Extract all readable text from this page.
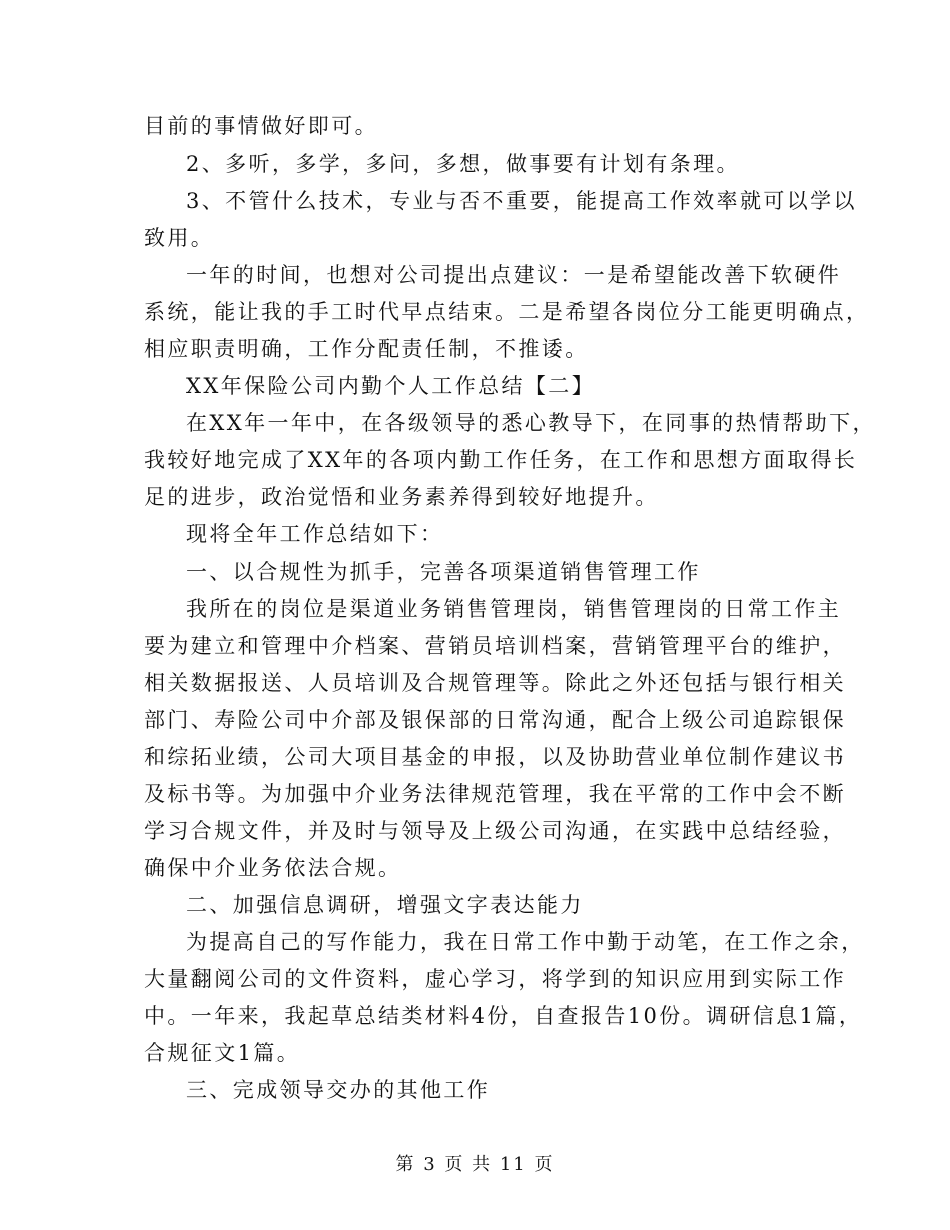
目前的事情做好即可。
2、多听，多学，多问，多想，做事要有计划有条理。
3、不管什么技术，专业与否不重要，能提高工作效率就可以学以
致用。
一年的时间，也想对公司提出点建议：一是希望能改善下软硬件
系统，能让我的手工时代早点结束。二是希望各岗位分工能更明确点，
相应职责明确，工作分配责任制，不推诿。
XX年保险公司内勤个人工作总结【二】
在XX年一年中，在各级领导的悉心教导下，在同事的热情帮助下，
我较好地完成了XX年的各项内勤工作任务，在工作和思想方面取得长
足的进步，政治觉悟和业务素养得到较好地提升。
现将全年工作总结如下：
一、以合规性为抓手，完善各项渠道销售管理工作
我所在的岗位是渠道业务销售管理岗，销售管理岗的日常工作主
要为建立和管理中介档案、营销员培训档案，营销管理平台的维护，
相关数据报送、人员培训及合规管理等。除此之外还包括与银行相关
部门、寿险公司中介部及银保部的日常沟通，配合上级公司追踪银保
和综拓业绩，公司大项目基金的申报，以及协助营业单位制作建议书
及标书等。为加强中介业务法律规范管理，我在平常的工作中会不断
学习合规文件，并及时与领导及上级公司沟通，在实践中总结经验，
确保中介业务依法合规。
二、加强信息调研，增强文字表达能力
为提高自己的写作能力，我在日常工作中勤于动笔，在工作之余，
大量翻阅公司的文件资料，虚心学习，将学到的知识应用到实际工作
中。一年来，我起草总结类材料4份，自查报告10份。调研信息1篇，
合规征文1篇。
三、完成领导交办的其他工作
第 3 页 共 11 页
